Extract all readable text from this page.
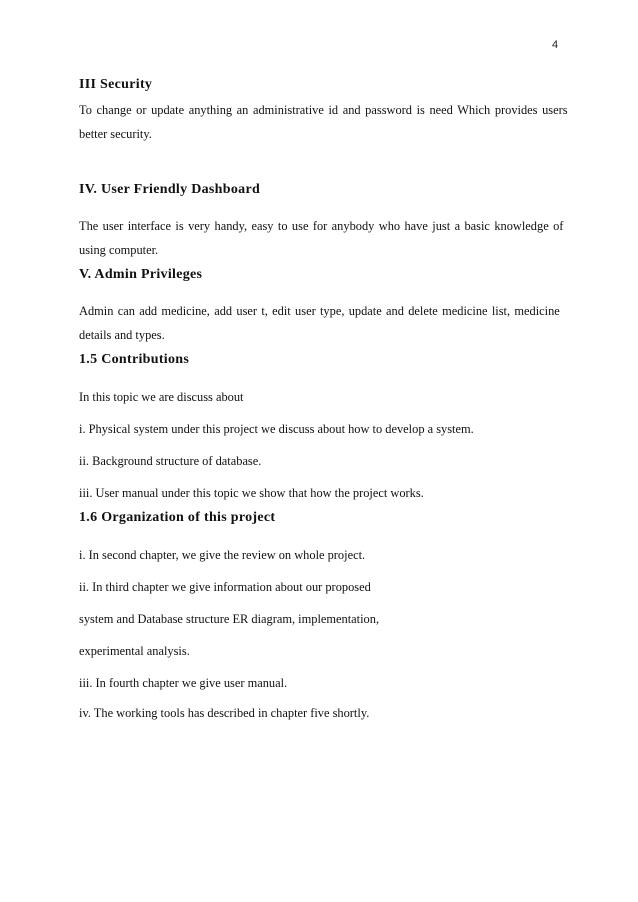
4
III Security

To change or update anything an administrative id and password is need Which provides users

better security.

IV. User Friendly Dashboard

The user interface is very handy, easy to use for anybody who have just a basic knowledge of

using computer.

V. Admin Privileges

Admin can add medicine, add user t, edit user type, update and delete medicine list, medicine

details and types.

1.5 Contributions

In this topic we are discuss about

i. Physical system under this project we discuss about how to develop a system.

ii. Background structure of database.

iii. User manual under this topic we show that how the project works.

1.6 Organization of this project

i. In second chapter, we give the review on whole project.

ii. In third chapter we give information about our proposed

system and Database structure ER diagram, implementation,

experimental analysis.

iii. In fourth chapter we give user manual.

iv. The working tools has described in chapter five shortly.
